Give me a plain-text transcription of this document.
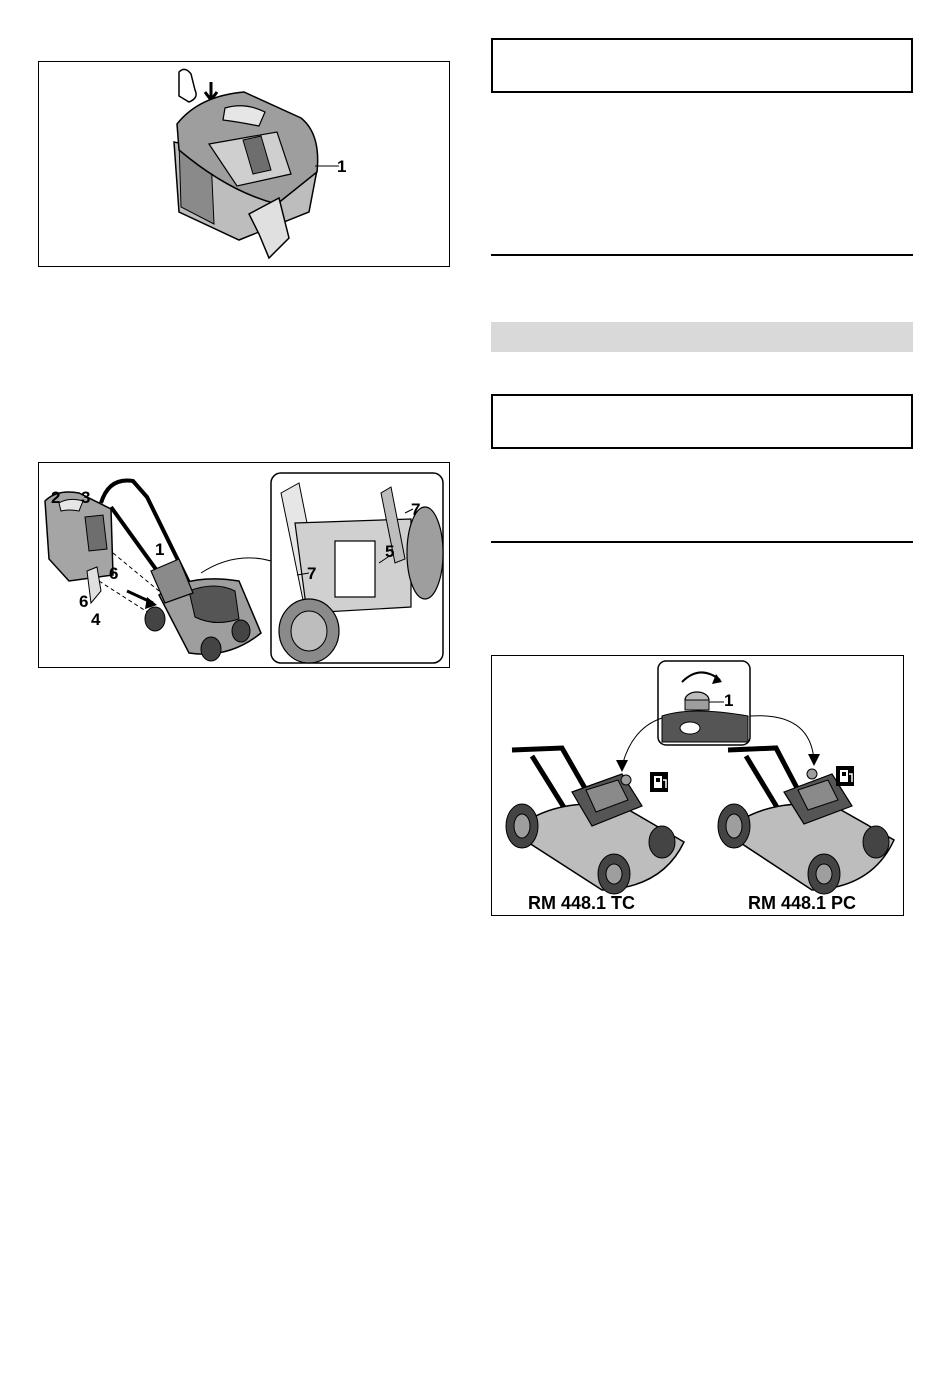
1
2 3
1
6
6
4
7
5
7
1
RM 448.1 TC	RM 448.1 PC
